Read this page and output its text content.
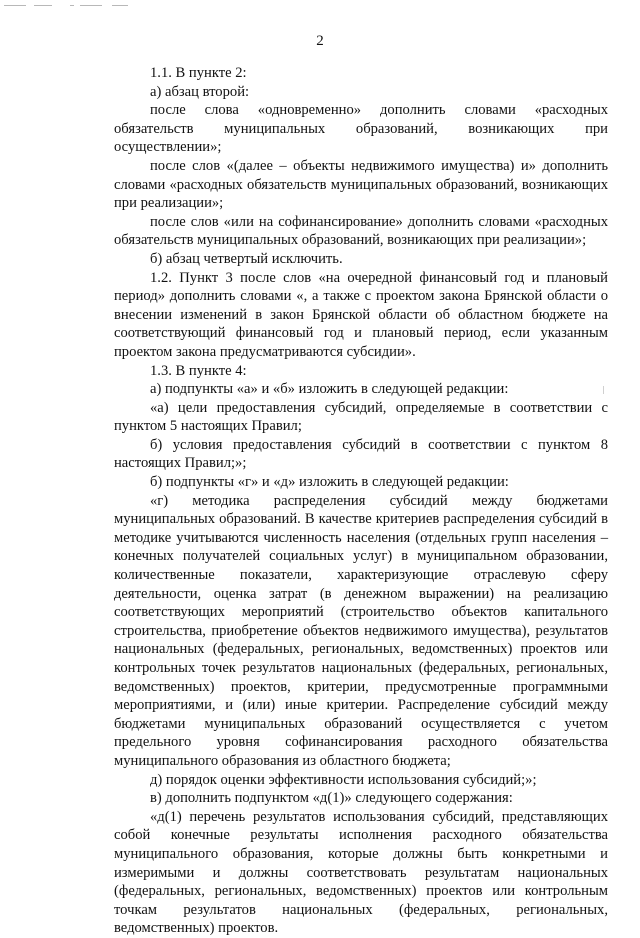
2

1.1. В пункте 2:

а) абзац второй:

после слова «одновременно» дополнить словами «расходных обязательств муниципальных образований, возникающих при осуществлении»;

после слов «(далее – объекты недвижимого имущества) и» дополнить словами «расходных обязательств муниципальных образований, возникающих при реализации»;

после слов «или на софинансирование» дополнить словами «расходных обязательств муниципальных образований, возникающих при реализации»;

б) абзац четвертый исключить.

1.2. Пункт 3 после слов «на очередной финансовый год и плановый период» дополнить словами «, а также с проектом закона Брянской области о внесении изменений в закон Брянской области об областном бюджете на соответствующий финансовый год и плановый период, если указанным проектом закона предусматриваются субсидии».

1.3. В пункте 4:

а) подпункты «а» и «б» изложить в следующей редакции:

«а) цели предоставления субсидий, определяемые в соответствии с пунктом 5 настоящих Правил;

б) условия предоставления субсидий в соответствии с пунктом 8 настоящих Правил;»;

б) подпункты «г» и «д» изложить в следующей редакции:

«г) методика распределения субсидий между бюджетами муниципальных образований. В качестве критериев распределения субсидий в методике учитываются численность населения (отдельных групп населения – конечных получателей социальных услуг) в муниципальном образовании, количественные показатели, характеризующие отраслевую сферу деятельности, оценка затрат (в денежном выражении) на реализацию соответствующих мероприятий (строительство объектов капитального строительства, приобретение объектов недвижимого имущества), результатов национальных (федеральных, региональных, ведомственных) проектов или контрольных точек результатов национальных (федеральных, региональных, ведомственных) проектов, критерии, предусмотренные программными мероприятиями, и (или) иные критерии. Распределение субсидий между бюджетами муниципальных образований осуществляется с учетом предельного уровня софинансирования расходного обязательства муниципального образования из областного бюджета;

д) порядок оценки эффективности использования субсидий;»;

в) дополнить подпунктом «д(1)» следующего содержания:

«д(1) перечень результатов использования субсидий, представляющих собой конечные результаты исполнения расходного обязательства муниципального образования, которые должны быть конкретными и измеримыми и должны соответствовать результатам национальных (федеральных, региональных, ведомственных) проектов или контрольным точкам результатов национальных (федеральных, региональных, ведомственных) проектов.
